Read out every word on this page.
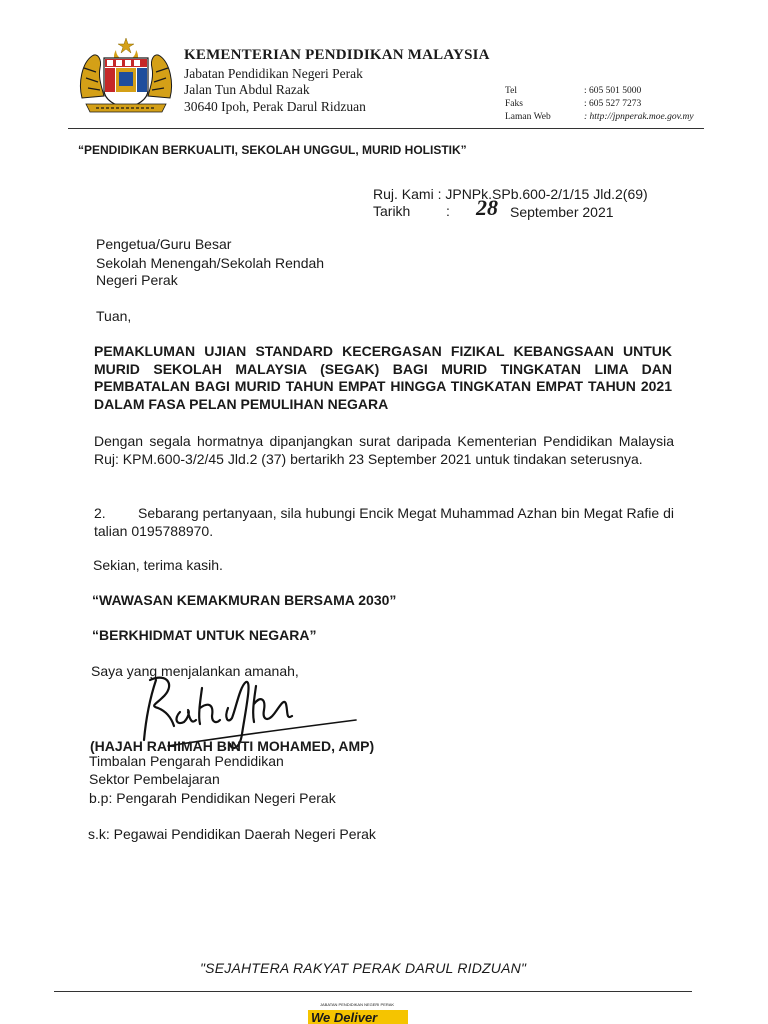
KEMENTERIAN PENDIDIKAN MALAYSIA
Jabatan Pendidikan Negeri Perak
Jalan Tun Abdul Razak
30640 Ipoh, Perak Darul Ridzuan
Tel	: 605 501 5000
Faks	: 605 527 7273
Laman Web	: http://jpnperak.moe.gov.my
“PENDIDIKAN BERKUALITI, SEKOLAH UNGGUL, MURID HOLISTIK”
Ruj. Kami : JPNPk.SPb.600-2/1/15 Jld.2(69)
Tarikh	: 28 September 2021
Pengetua/Guru Besar
Sekolah Menengah/Sekolah Rendah
Negeri Perak
Tuan,
PEMAKLUMAN UJIAN STANDARD KECERGASAN FIZIKAL KEBANGSAAN UNTUK MURID SEKOLAH MALAYSIA (SEGAK) BAGI MURID TINGKATAN LIMA DAN PEMBATALAN BAGI MURID TAHUN EMPAT HINGGA TINGKATAN EMPAT TAHUN 2021 DALAM FASA PELAN PEMULIHAN NEGARA
Dengan segala hormatnya dipanjangkan surat daripada Kementerian Pendidikan Malaysia Ruj: KPM.600-3/2/45 Jld.2 (37) bertarikh 23 September 2021 untuk tindakan seterusnya.
2.	Sebarang pertanyaan, sila hubungi Encik Megat Muhammad Azhan bin Megat Rafie di talian 0195788970.
Sekian, terima kasih.
“WAWASAN KEMAKMURAN BERSAMA 2030”
“BERKHIDMAT UNTUK NEGARA”
Saya yang menjalankan amanah,
(HAJAH RAHIMAH BINTI MOHAMED, AMP)
Timbalan Pengarah Pendidikan
Sektor Pembelajaran
b.p: Pengarah Pendidikan Negeri Perak
s.k: Pegawai Pendidikan Daerah Negeri Perak
"SEJAHTERA RAKYAT PERAK DARUL RIDZUAN"
JABATAN PENDIDIKAN NEGERI PERAK
We Deliver
